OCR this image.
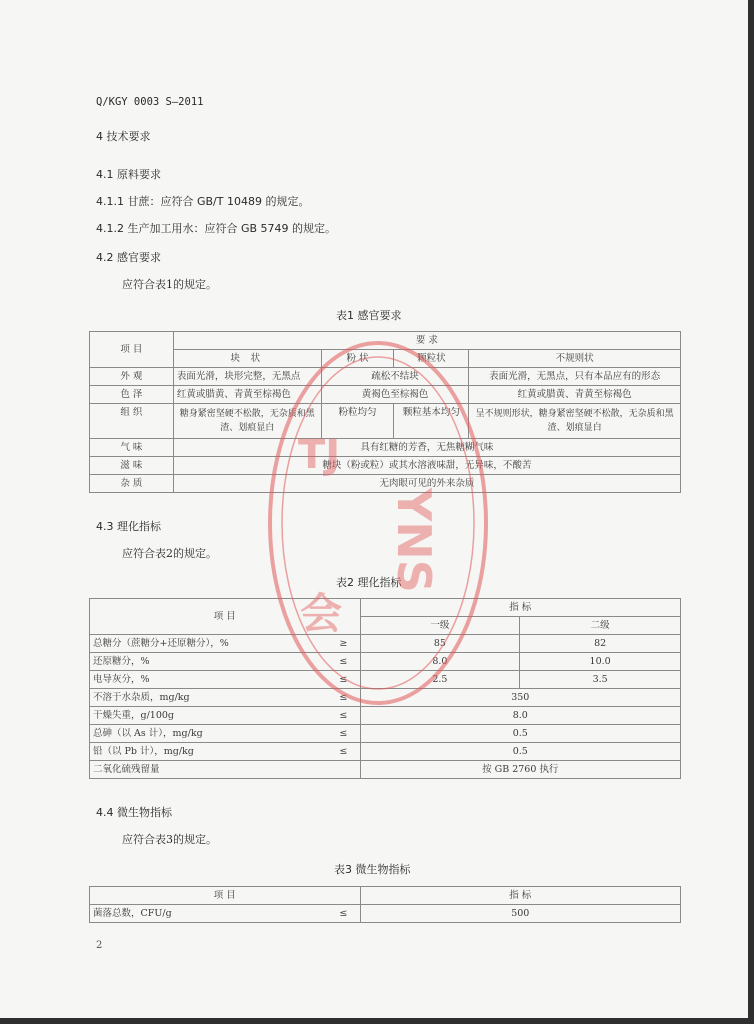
Q/KGY 0003 S—2011
4 技术要求
4.1 原料要求
4.1.1 甘蔗：应符合 GB/T 10489 的规定。
4.1.2 生产加工用水：应符合 GB 5749 的规定。
4.2 感官要求
应符合表1的规定。
表1 感官要求
项 目	要 求			
	块 状	粉 状	颗粒状	不规则状
外 观	表面光滑，块形完整，无黑点	疏松不结块		表面光滑，无黑点，只有本品应有的形态
色 泽	红黄或腊黄、青黄至棕褐色	黄褐色至棕褐色		红黄或腊黄、青黄至棕褐色
组 织	糖身紧密坚硬不松散，无杂质和黑渣、划痕显白	粉粒均匀	颗粒基本均匀	呈不规则形状，糖身紧密坚硬不松散，无杂质和黑渣、划痕显白
气 味	具有红糖的芳香，无焦糖糊气味			
滋 味	糖块（粉或粒）或其水溶液味甜，无异味，不酸苦			
杂 质	无肉眼可见的外来杂质			
4.3 理化指标
应符合表2的规定。
表2 理化指标
项 目		指 标	
		一级	二级
总糖分（蔗糖分+还原糖分），%	≥	85	82
还原糖分，%	≤	8.0	10.0
电导灰分，%	≤	2.5	3.5
不溶于水杂质，mg/kg	≤	350	
干燥失重，g/100g	≤	8.0	
总砷（以 As 计），mg/kg	≤	0.5	
铅（以 Pb 计），mg/kg	≤	0.5	
二氧化硫残留量		按 GB 2760 执行	
4.4 微生物指标
应符合表3的规定。
表3 微生物指标
项 目		指 标
菌落总数，CFU/g	≤	500
2
YNS
TJ
会
